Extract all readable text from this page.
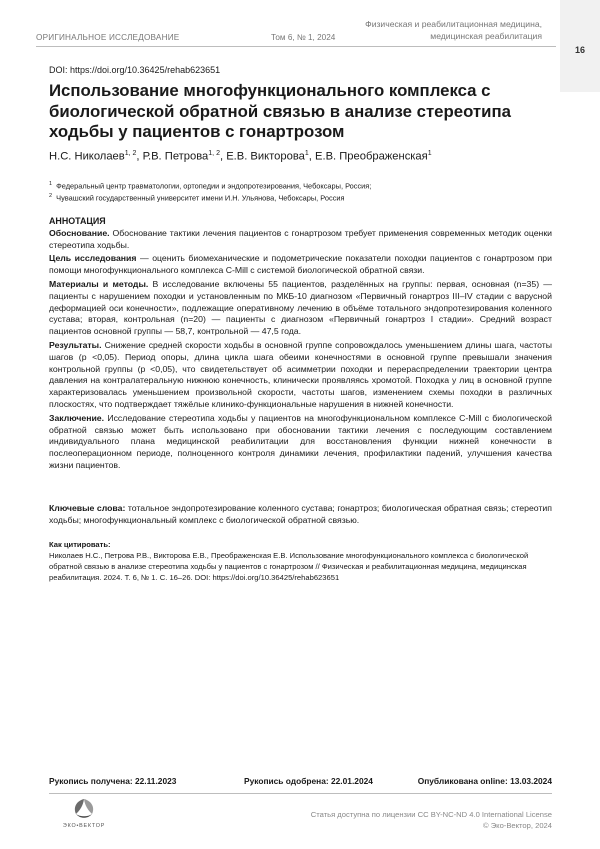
16
ОРИГИНАЛЬНОЕ ИССЛЕДОВАНИЕ	Том 6, № 1, 2024
Физическая и реабилитационная медицина,
медицинская реабилитация
DOI: https://doi.org/10.36425/rehab623651
Использование многофункционального комплекса с биологической обратной связью в анализе стереотипа ходьбы у пациентов с гонартрозом
Н.С. Николаев$^{1, 2}$, Р.В. Петрова$^{1, 2}$, Е.В. Викторова$^1$, Е.В. Преображенская$^1$
$^1$ Федеральный центр травматологии, ортопедии и эндопротезирования, Чебоксары, Россия;
$^2$ Чувашский государственный университет имени И.Н. Ульянова, Чебоксары, Россия
АННОТАЦИЯ

Обоснование. Обоснование тактики лечения пациентов с гонартрозом требует применения современных методик оценки стереотипа ходьбы.

Цель исследования — оценить биомеханические и подометрические показатели походки пациентов с гонартрозом при помощи многофункционального комплекса C-Mill с системой биологической обратной связи.

Материалы и методы. В исследование включены 55 пациентов, разделённых на группы: первая, основная (n=35) — пациенты с нарушением походки и установленным по МКБ-10 диагнозом «Первичный гонартроз III–IV стадии с варусной деформацией оси конечности», подлежащие оперативному лечению в объёме тотального эндопротезирования коленного сустава; вторая, контрольная (n=20) — пациенты с диагнозом «Первичный гонартроз I стадии». Средний возраст пациентов основной группы — 58,7, контрольной — 47,5 года.

Результаты. Снижение средней скорости ходьбы в основной группе сопровождалось уменьшением длины шага, частоты шагов (p <0,05). Период опоры, длина цикла шага обеими конечностями в основной группе превышали значения контрольной группы (p <0,05), что свидетельствует об асимметрии походки и перераспределении траектории центра давления на контралатеральную нижнюю конечность, клинически проявляясь хромотой. Походка у лиц в основной группе характеризовалась уменьшением произвольной скорости, частоты шагов, изменением схемы походки в различных плоскостях, что подтверждает тяжёлые клинико-функциональные нарушения в нижней конечности.

Заключение. Исследование стереотипа ходьбы у пациентов на многофункциональном комплексе C-Mill с биологической обратной связью может быть использовано при обосновании тактики лечения с последующим составлением индивидуального плана медицинской реабилитации для восстановления функции нижней конечности в послеоперационном периоде, полноценного контроля динамики лечения, профилактики падений, улучшения качества жизни пациентов.

Ключевые слова: тотальное эндопротезирование коленного сустава; гонартроз; биологическая обратная связь; стереотип ходьбы; многофункциональный комплекс с биологической обратной связью.
Как цитировать:
Николаев Н.С., Петрова Р.В., Викторова Е.В., Преображенская Е.В. Использование многофункционального комплекса с биологической обратной связью в анализе стереотипа ходьбы у пациентов с гонартрозом // Физическая и реабилитационная медицина, медицинская реабилитация. 2024. Т. 6, № 1. С. 16–26. DOI: https://doi.org/10.36425/rehab623651
Рукопись получена: 22.11.2023	Рукопись одобрена: 22.01.2024	Опубликована online: 13.03.2024
ЭКО•ВЕКТОР
Статья доступна по лицензии CC BY-NC-ND 4.0 International License
© Эко-Вектор, 2024
